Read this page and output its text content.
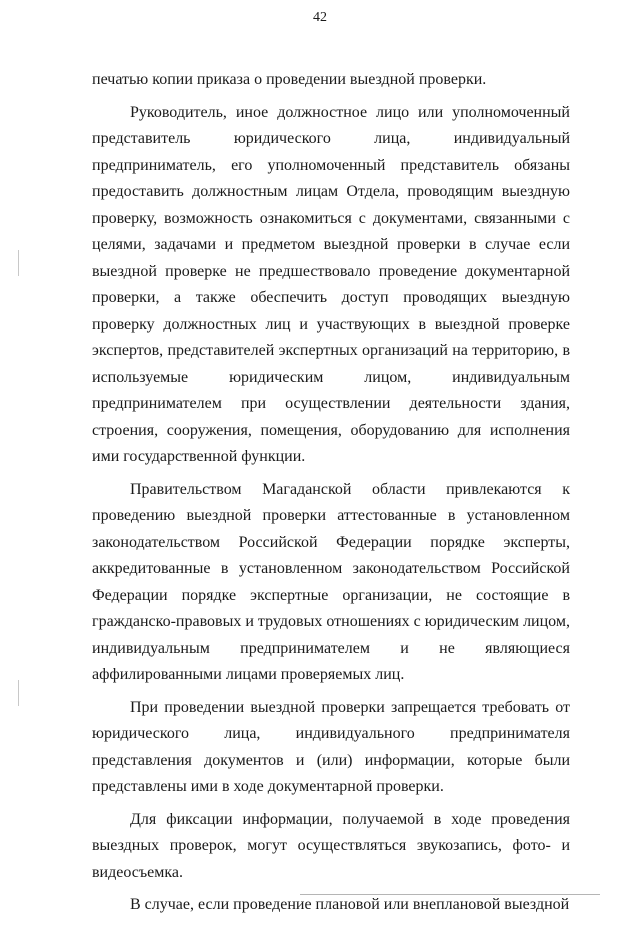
42

печатью копии приказа о проведении выездной проверки.

Руководитель, иное должностное лицо или уполномоченный представитель юридического лица, индивидуальный предприниматель, его уполномоченный представитель обязаны предоставить должностным лицам Отдела, проводящим выездную проверку, возможность ознакомиться с документами, связанными с целями, задачами и предметом выездной проверки в случае если выездной проверке не предшествовало проведение документарной проверки, а также обеспечить доступ проводящих выездную проверку должностных лиц и участвующих в выездной проверке экспертов, представителей экспертных организаций на территорию, в используемые юридическим лицом, индивидуальным предпринимателем при осуществлении деятельности здания, строения, сооружения, помещения, оборудованию для исполнения ими государственной функции.

Правительством Магаданской области привлекаются к проведению выездной проверки аттестованные в установленном законодательством Российской Федерации порядке эксперты, аккредитованные в установленном законодательством Российской Федерации порядке экспертные организации, не состоящие в гражданско-правовых и трудовых отношениях с юридическим лицом, индивидуальным предпринимателем и не являющиеся аффилированными лицами проверяемых лиц.

При проведении выездной проверки запрещается требовать от юридического лица, индивидуального предпринимателя представления документов и (или) информации, которые были представлены ими в ходе документарной проверки.

Для фиксации информации, получаемой в ходе проведения выездных проверок, могут осуществляться звукозапись, фото- и видеосъемка.

В случае, если проведение плановой или внеплановой выездной
